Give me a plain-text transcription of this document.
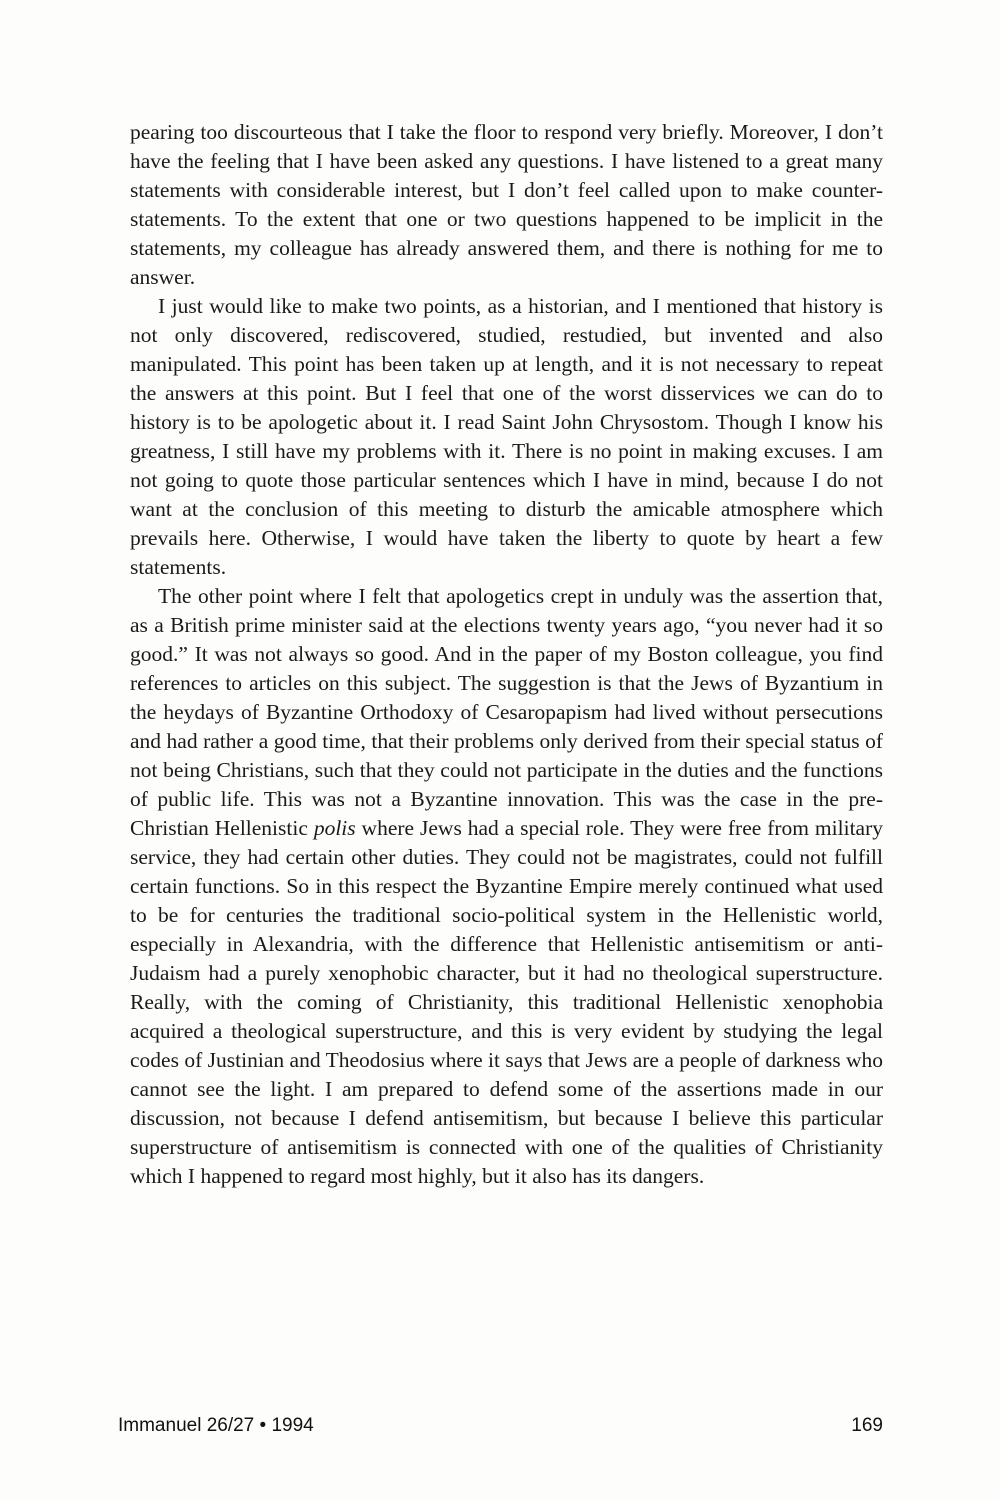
pearing too discourteous that I take the floor to respond very briefly. Moreover, I don’t have the feeling that I have been asked any questions. I have listened to a great many statements with considerable interest, but I don’t feel called upon to make counter-statements. To the extent that one or two questions happened to be implicit in the statements, my colleague has already answered them, and there is nothing for me to answer.

I just would like to make two points, as a historian, and I mentioned that history is not only discovered, rediscovered, studied, restudied, but invented and also manipulated. This point has been taken up at length, and it is not necessary to repeat the answers at this point. But I feel that one of the worst disservices we can do to history is to be apologetic about it. I read Saint John Chrysostom. Though I know his greatness, I still have my problems with it. There is no point in making excuses. I am not going to quote those particular sentences which I have in mind, because I do not want at the conclusion of this meeting to disturb the amicable atmosphere which prevails here. Otherwise, I would have taken the liberty to quote by heart a few statements.

The other point where I felt that apologetics crept in unduly was the assertion that, as a British prime minister said at the elections twenty years ago, “you never had it so good.” It was not always so good. And in the paper of my Boston colleague, you find references to articles on this subject. The suggestion is that the Jews of Byzantium in the heydays of Byzantine Orthodoxy of Cesaropapism had lived without persecutions and had rather a good time, that their problems only derived from their special status of not being Christians, such that they could not participate in the duties and the functions of public life. This was not a Byzantine innovation. This was the case in the pre-Christian Hellenistic polis where Jews had a special role. They were free from military service, they had certain other duties. They could not be magistrates, could not fulfill certain functions. So in this respect the Byzantine Empire merely continued what used to be for centuries the traditional socio-political system in the Hellenistic world, especially in Alexandria, with the difference that Hellenistic antisemitism or anti-Judaism had a purely xenophobic character, but it had no theological superstructure. Really, with the coming of Christianity, this traditional Hellenistic xenophobia acquired a theological superstructure, and this is very evident by studying the legal codes of Justinian and Theodosius where it says that Jews are a people of darkness who cannot see the light. I am prepared to defend some of the assertions made in our discussion, not because I defend antisemitism, but because I believe this particular superstructure of antisemitism is connected with one of the qualities of Christianity which I happened to regard most highly, but it also has its dangers.

Immanuel 26/27 • 1994	169
